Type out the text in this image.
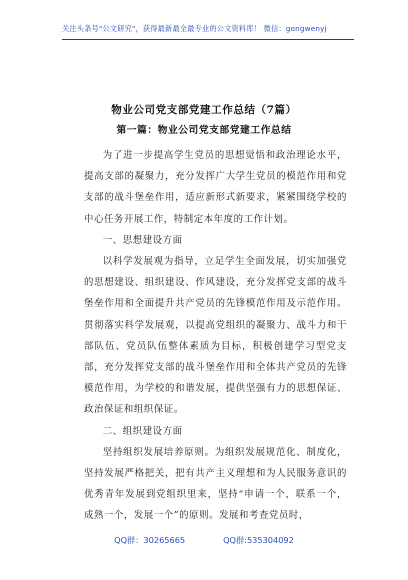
关注头条号"公文研究"，获得最新最全最专业的公文资料库！ 微信：gongwenyj
物业公司党支部党建工作总结（7篇）
第一篇：物业公司党支部党建工作总结

为了进一步提高学生党员的思想觉悟和政治理论水平，提高支部的凝聚力，充分发挥广大学生党员的模范作用和党支部的战斗堡垒作用，适应新形式新要求，紧紧围绕学校的中心任务开展工作，特制定本年度的工作计划。

一、思想建设方面

以科学发展观为指导，立足学生全面发展，切实加强党的思想建设、组织建设、作风建设，充分发挥党支部的战斗堡垒作用和全面提升共产党员的先锋模范作用及示范作用。贯彻落实科学发展观，以提高党组织的凝聚力、战斗力和干部队伍、党员队伍整体素质为目标，积极创建学习型党支部，充分发挥党支部的战斗堡垒作用和全体共产党员的先锋模范作用，为学校的和谐发展，提供坚强有力的思想保证、政治保证和组织保证。

二、组织建设方面

坚持组织发展培养原则。为组织发展规范化、制度化，坚持发展严格把关，把有共产主义理想和为人民服务意识的优秀青年发展到党组织里来，坚持“申请一个，联系一个，成熟一个，发展一个”的原则。发展和考查党员时，

QQ群：30265665	QQ群:535304092
